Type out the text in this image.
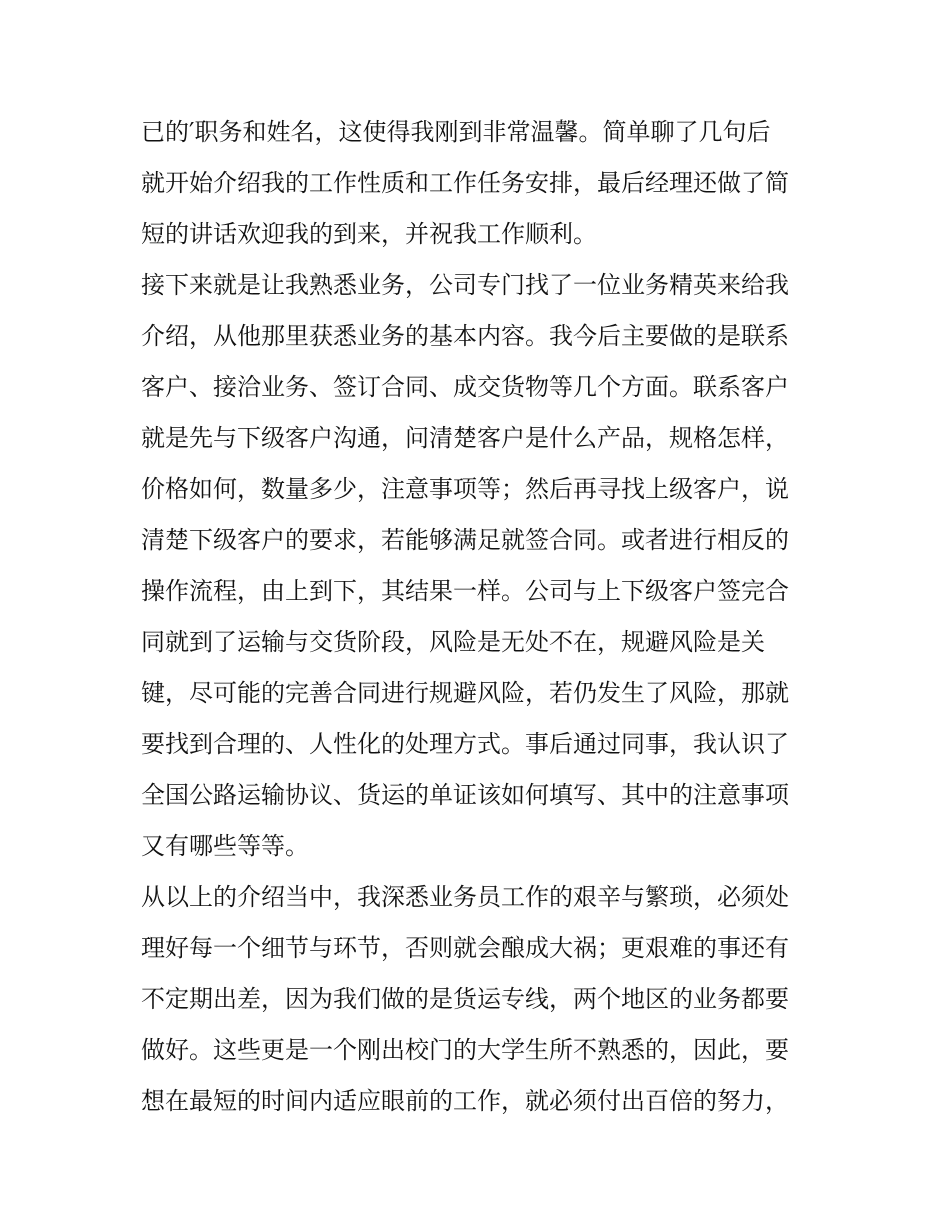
已的′职务和姓名，这使得我刚到非常温馨。简单聊了几句后
就开始介绍我的工作性质和工作任务安排，最后经理还做了简
短的讲话欢迎我的到来，并祝我工作顺利。
接下来就是让我熟悉业务，公司专门找了一位业务精英来给我
介绍，从他那里获悉业务的基本内容。我今后主要做的是联系
客户、接洽业务、签订合同、成交货物等几个方面。联系客户
就是先与下级客户沟通，问清楚客户是什么产品，规格怎样，
价格如何，数量多少，注意事项等；然后再寻找上级客户，说
清楚下级客户的要求，若能够满足就签合同。或者进行相反的
操作流程，由上到下，其结果一样。公司与上下级客户签完合
同就到了运输与交货阶段，风险是无处不在，规避风险是关
键，尽可能的完善合同进行规避风险，若仍发生了风险，那就
要找到合理的、人性化的处理方式。事后通过同事，我认识了
全国公路运输协议、货运的单证该如何填写、其中的注意事项
又有哪些等等。
从以上的介绍当中，我深悉业务员工作的艰辛与繁琐，必须处
理好每一个细节与环节，否则就会酿成大祸；更艰难的事还有
不定期出差，因为我们做的是货运专线，两个地区的业务都要
做好。这些更是一个刚出校门的大学生所不熟悉的，因此，要
想在最短的时间内适应眼前的工作，就必须付出百倍的努力，
